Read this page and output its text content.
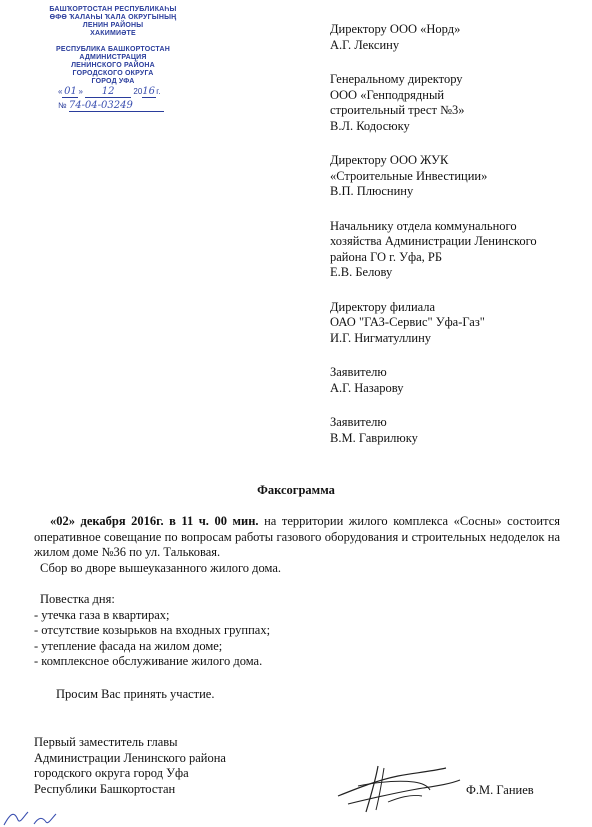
БАШҠОРТОСТАН РЕСПУБЛИКАҺЫ
ӨФӨ ҠАЛАҺЫ ҠАЛА ОКРУГЫНЫҢ
ЛЕНИН РАЙОНЫ
ХАКИМИӘТЕ
РЕСПУБЛИКА БАШКОРТОСТАН
АДМИНИСТРАЦИЯ
ЛЕНИНСКОГО РАЙОНА
ГОРОДСКОГО ОКРУГА
ГОРОД УФА
« 01 » 12 2016г.
№ 74-04-03249
Директору ООО «Норд»
А.Г. Лексину
Генеральному директору
ООО «Генподрядный
строительный трест №3»
В.Л. Кодосюку
Директору ООО ЖУК
«Строительные Инвестиции»
В.П. Плюснину
Начальнику отдела коммунального
хозяйства Администрации Ленинского
района ГО г. Уфа, РБ
Е.В. Белову
Директору филиала
ОАО "ГАЗ-Сервис" Уфа-Газ"
И.Г. Нигматуллину
Заявителю
А.Г. Назарову
Заявителю
В.М. Гаврилюку
Факсограмма

«02» декабря 2016г. в 11 ч. 00 мин. на территории жилого комплекса «Сосны» состоится оперативное совещание по вопросам работы газового оборудования и строительных недоделок на жилом доме №36 по ул. Тальковая.

Сбор во дворе вышеуказанного жилого дома.

Повестка дня:
- утечка газа в квартирах;
- отсутствие козырьков на входных группах;
- утепление фасада на жилом доме;
- комплексное обслуживание жилого дома.
Просим Вас принять участие.
Первый заместитель главы
Администрации Ленинского района
городского округа город Уфа
Республики Башкортостан	Ф.М. Ганиев
